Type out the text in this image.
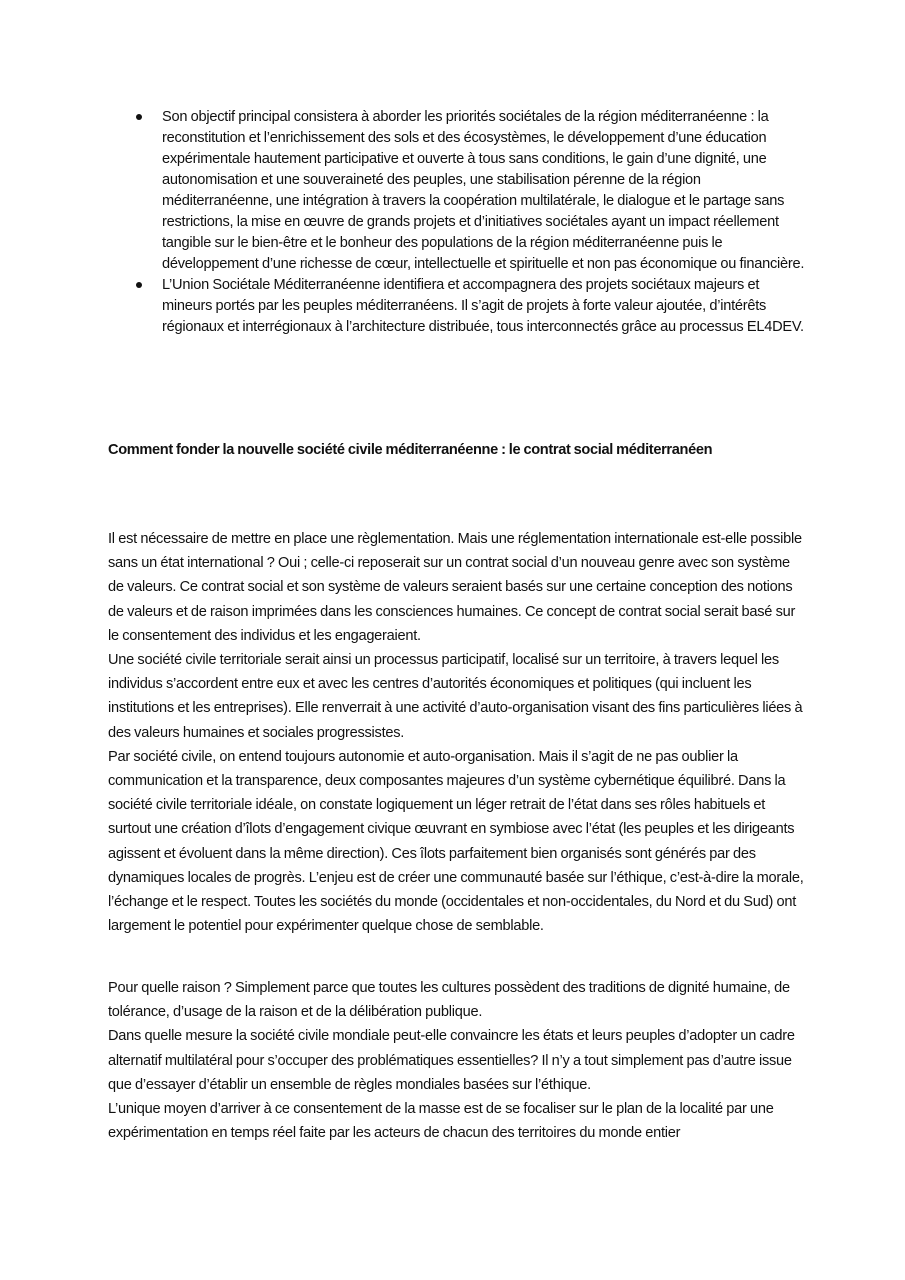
Son objectif principal consistera à aborder les priorités sociétales de la région méditerranéenne : la reconstitution et l’enrichissement des sols et des écosystèmes, le développement d’une éducation expérimentale hautement participative et ouverte à tous sans conditions, le gain d’une dignité, une autonomisation et une souveraineté des peuples, une stabilisation pérenne de la région méditerranéenne, une intégration à travers la coopération multilatérale, le dialogue et le partage sans restrictions, la mise en œuvre de grands projets et d’initiatives sociétales ayant un impact réellement tangible sur le bien-être et le bonheur des populations de la région méditerranéenne puis le développement d’une richesse de cœur, intellectuelle et spirituelle et non pas économique ou financière.
L’Union Sociétale Méditerranéenne identifiera et accompagnera des projets sociétaux majeurs et mineurs portés par les peuples méditerranéens. Il s’agit de projets à forte valeur ajoutée, d’intérêts régionaux et interrégionaux à l’architecture distribuée, tous interconnectés grâce au processus EL4DEV.
Comment fonder la nouvelle société civile méditerranéenne : le contrat social méditerranéen

Il est nécessaire de mettre en place une règlementation. Mais une réglementation internationale est-elle possible sans un état international ? Oui ; celle-ci reposerait sur un contrat social d’un nouveau genre avec son système de valeurs. Ce contrat social et son système de valeurs seraient basés sur une certaine conception des notions de valeurs et de raison imprimées dans les consciences humaines. Ce concept de contrat social serait basé sur le consentement des individus et les engageraient.
Une société civile territoriale serait ainsi un processus participatif, localisé sur un territoire, à travers lequel les individus s’accordent entre eux et avec les centres d’autorités économiques et politiques (qui incluent les institutions et les entreprises). Elle renverrait à une activité d’auto-organisation visant des fins particulières liées à des valeurs humaines et sociales progressistes.
Par société civile, on entend toujours autonomie et auto-organisation. Mais il s’agit de ne pas oublier la communication et la transparence, deux composantes majeures d’un système cybernétique équilibré. Dans la société civile territoriale idéale, on constate logiquement un léger retrait de l’état dans ses rôles habituels et surtout une création d’îlots d’engagement civique œuvrant en symbiose avec l’état (les peuples et les dirigeants agissent et évoluent dans la même direction). Ces îlots parfaitement bien organisés sont générés par des dynamiques locales de progrès. L’enjeu est de créer une communauté basée sur l’éthique, c’est-à-dire la morale, l’échange et le respect. Toutes les sociétés du monde (occidentales et non-occidentales, du Nord et du Sud) ont largement le potentiel pour expérimenter quelque chose de semblable.

Pour quelle raison ? Simplement parce que toutes les cultures possèdent des traditions de dignité humaine, de tolérance, d’usage de la raison et de la délibération publique.
Dans quelle mesure la société civile mondiale peut-elle convaincre les états et leurs peuples d’adopter un cadre alternatif multilatéral pour s’occuper des problématiques essentielles? Il n’y a tout simplement pas d’autre issue que d’essayer d’établir un ensemble de règles mondiales basées sur l’éthique.
L’unique moyen d’arriver à ce consentement de la masse est de se focaliser sur le plan de la localité par une expérimentation en temps réel faite par les acteurs de chacun des territoires du monde entier
